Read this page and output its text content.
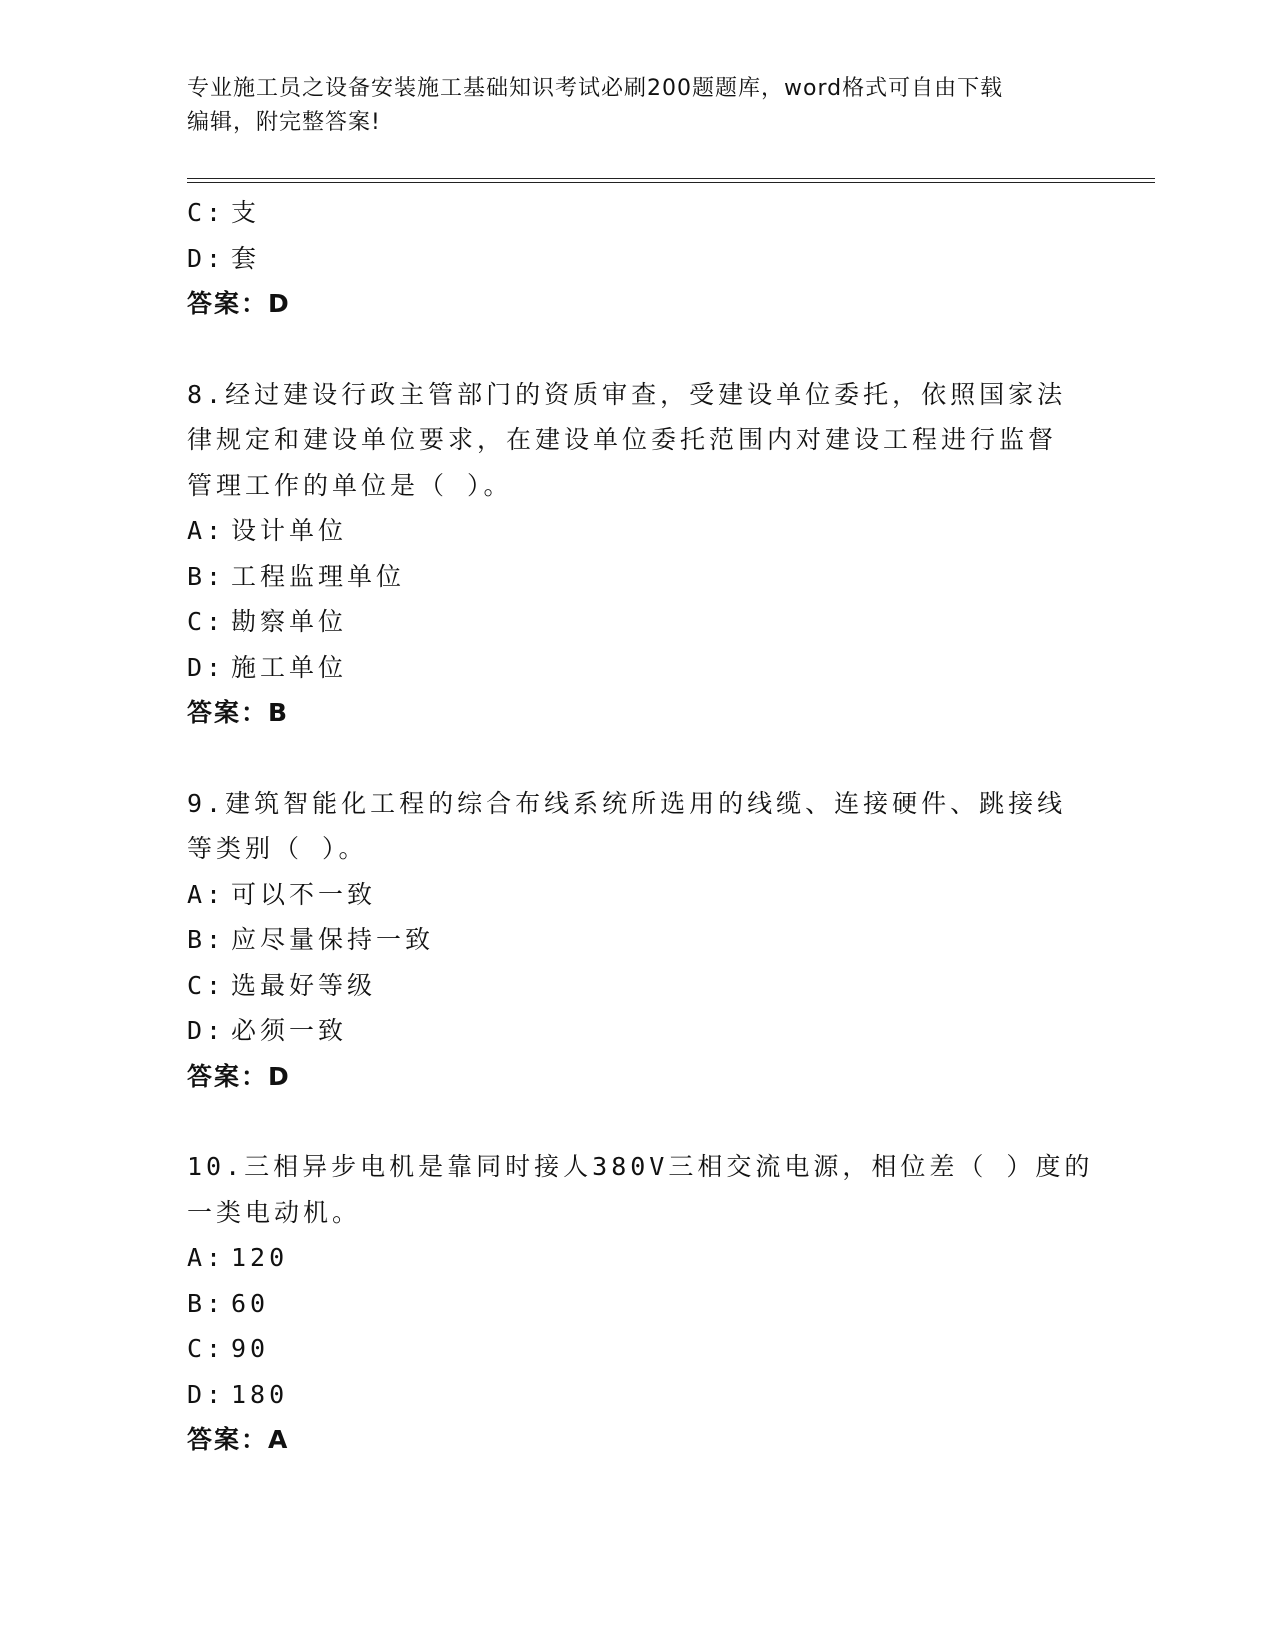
专业施工员之设备安装施工基础知识考试必刷200题题库，word格式可自由下载
编辑，附完整答案!
C: 支
D: 套
答案：D
8.经过建设行政主管部门的资质审查，受建设单位委托，依照国家法
律规定和建设单位要求，在建设单位委托范围内对建设工程进行监督
管理工作的单位是（ ）。
A: 设计单位
B: 工程监理单位
C: 勘察单位
D: 施工单位
答案：B
9.建筑智能化工程的综合布线系统所选用的线缆、连接硬件、跳接线
等类别（ ）。
A: 可以不一致
B: 应尽量保持一致
C: 选最好等级
D: 必须一致
答案：D
10.三相异步电机是靠同时接人380V三相交流电源，相位差（ ）度的
一类电动机。
A: 120
B: 60
C: 90
D: 180
答案：A
